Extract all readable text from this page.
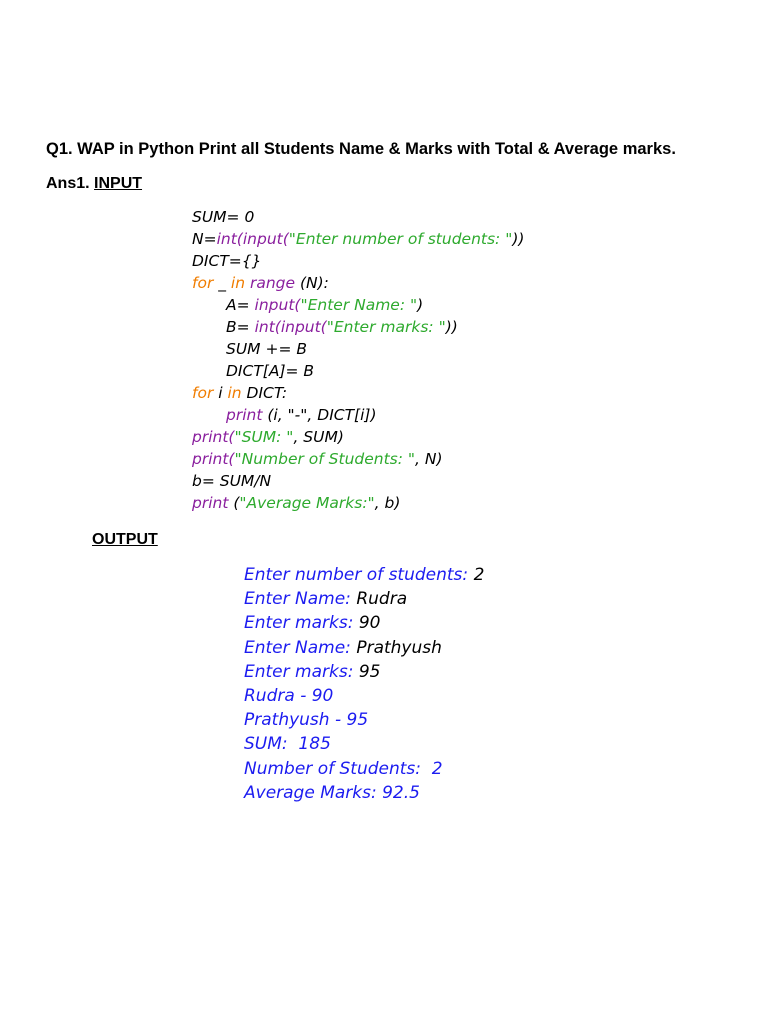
Q1. WAP in Python Print all Students Name & Marks with Total & Average marks.
Ans1. INPUT
SUM= 0
N=int(input("Enter number of students: "))
DICT={}
for _ in range (N):
A= input("Enter Name: ")
B= int(input("Enter marks: "))
SUM += B
DICT[A]= B
for i in DICT:
print (i, "-", DICT[i])
print("SUM: ", SUM)
print("Number of Students: ", N)
b= SUM/N
print ("Average Marks:", b)
OUTPUT
Enter number of students: 2
Enter Name: Rudra
Enter marks: 90
Enter Name: Prathyush
Enter marks: 95
Rudra - 90
Prathyush - 95
SUM:  185
Number of Students:  2
Average Marks: 92.5
